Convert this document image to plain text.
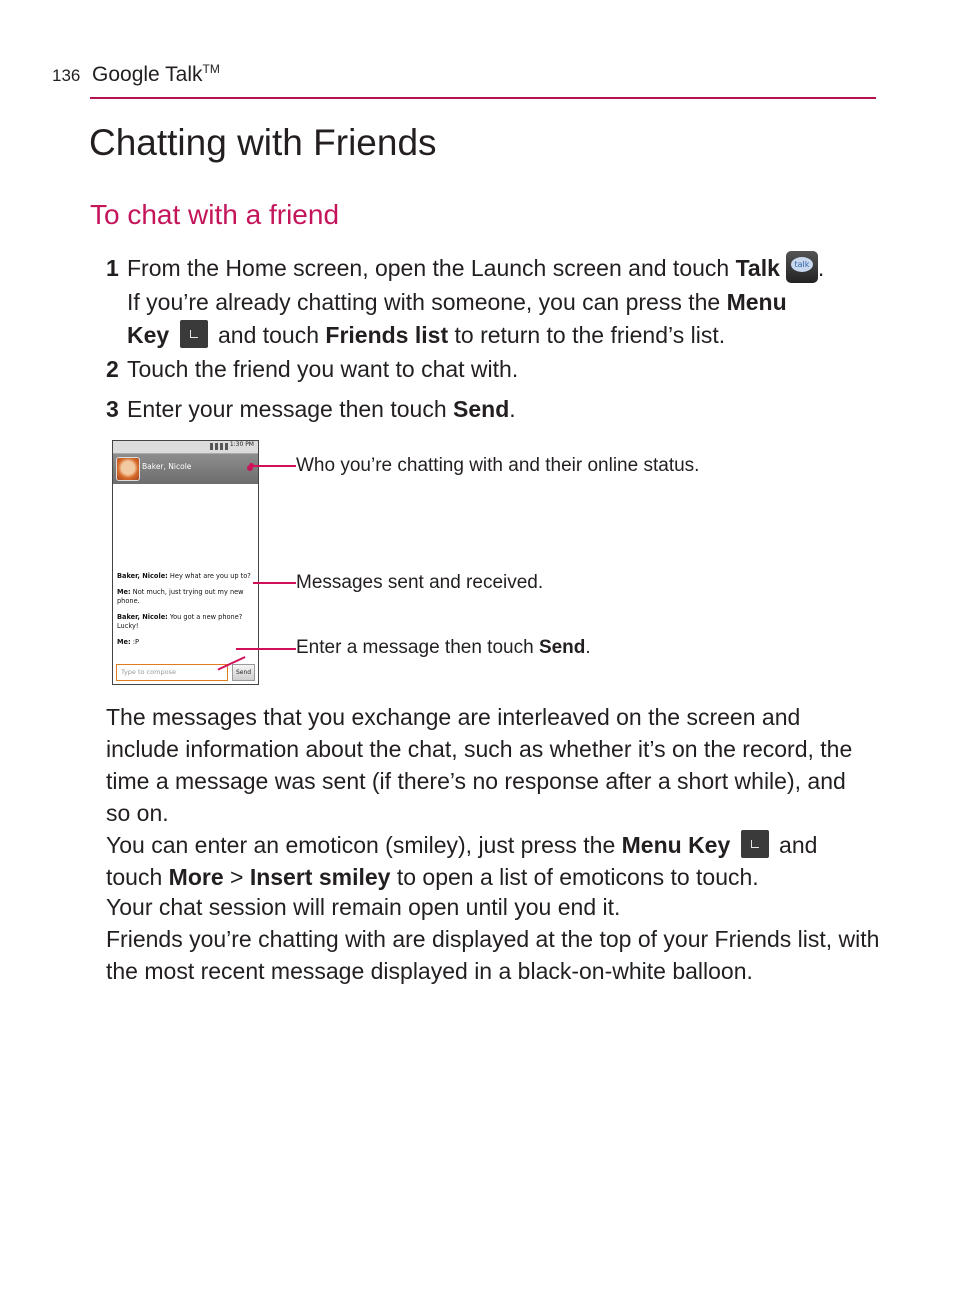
136 Google Talk™
Chatting with Friends
To chat with a friend
1 From the Home screen, open the Launch screen and touch Talk	talk .
If you’re already chatting with someone, you can press the Menu
Key and touch Friends list to return to the friend’s list.
2 Touch the friend you want to chat with.
3 Enter your message then touch Send.
1:30 PM
Baker, Nicole
Baker, Nicole: Hey what are you up to?
Me: Not much, just trying out my new phone.
Baker, Nicole: You got a new phone? Lucky!
Me: :P
Type to compose	Send
Who you’re chatting with and their online status.
Messages sent and received.
Enter a message then touch Send.

The messages that you exchange are interleaved on the screen and include information about the chat, such as whether it’s on the record, the time a message was sent (if there’s no response after a short while), and so on.

You can enter an emoticon (smiley), just press the Menu Key  and touch More > Insert smiley to open a list of emoticons to touch.

Your chat session will remain open until you end it.

Friends you’re chatting with are displayed at the top of your Friends list, with the most recent message displayed in a black-on-white balloon.
